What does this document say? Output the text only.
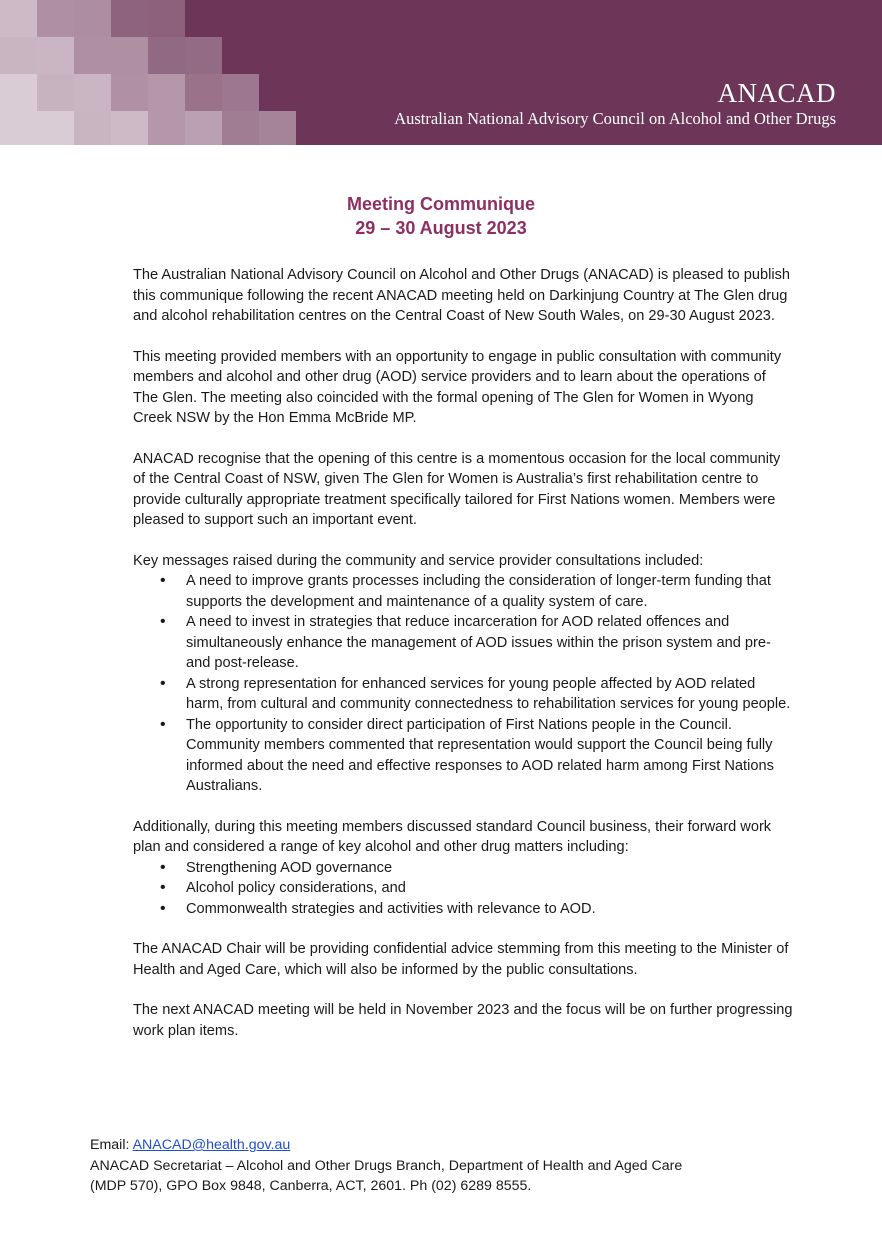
ANACAD
Australian National Advisory Council on Alcohol and Other Drugs
Meeting Communique
29 – 30 August 2023

The Australian National Advisory Council on Alcohol and Other Drugs (ANACAD) is pleased to publish this communique following the recent ANACAD meeting held on Darkinjung Country at The Glen drug and alcohol rehabilitation centres on the Central Coast of New South Wales, on 29-30 August 2023.

This meeting provided members with an opportunity to engage in public consultation with community members and alcohol and other drug (AOD) service providers and to learn about the operations of The Glen. The meeting also coincided with the formal opening of The Glen for Women in Wyong Creek NSW by the Hon Emma McBride MP.

ANACAD recognise that the opening of this centre is a momentous occasion for the local community of the Central Coast of NSW, given The Glen for Women is Australia’s first rehabilitation centre to provide culturally appropriate treatment specifically tailored for First Nations women. Members were pleased to support such an important event.

Key messages raised during the community and service provider consultations included:

• A need to improve grants processes including the consideration of longer-term funding that supports the development and maintenance of a quality system of care.
• A need to invest in strategies that reduce incarceration for AOD related offences and simultaneously enhance the management of AOD issues within the prison system and pre- and post-release.
• A strong representation for enhanced services for young people affected by AOD related harm, from cultural and community connectedness to rehabilitation services for young people.
• The opportunity to consider direct participation of First Nations people in the Council. Community members commented that representation would support the Council being fully informed about the need and effective responses to AOD related harm among First Nations Australians.

Additionally, during this meeting members discussed standard Council business, their forward work plan and considered a range of key alcohol and other drug matters including:

• Strengthening AOD governance
• Alcohol policy considerations, and
• Commonwealth strategies and activities with relevance to AOD.

The ANACAD Chair will be providing confidential advice stemming from this meeting to the Minister of Health and Aged Care, which will also be informed by the public consultations.

The next ANACAD meeting will be held in November 2023 and the focus will be on further progressing work plan items.

Email: ANACAD@health.gov.au
ANACAD Secretariat – Alcohol and Other Drugs Branch, Department of Health and Aged Care
(MDP 570), GPO Box 9848, Canberra, ACT, 2601. Ph (02) 6289 8555.
